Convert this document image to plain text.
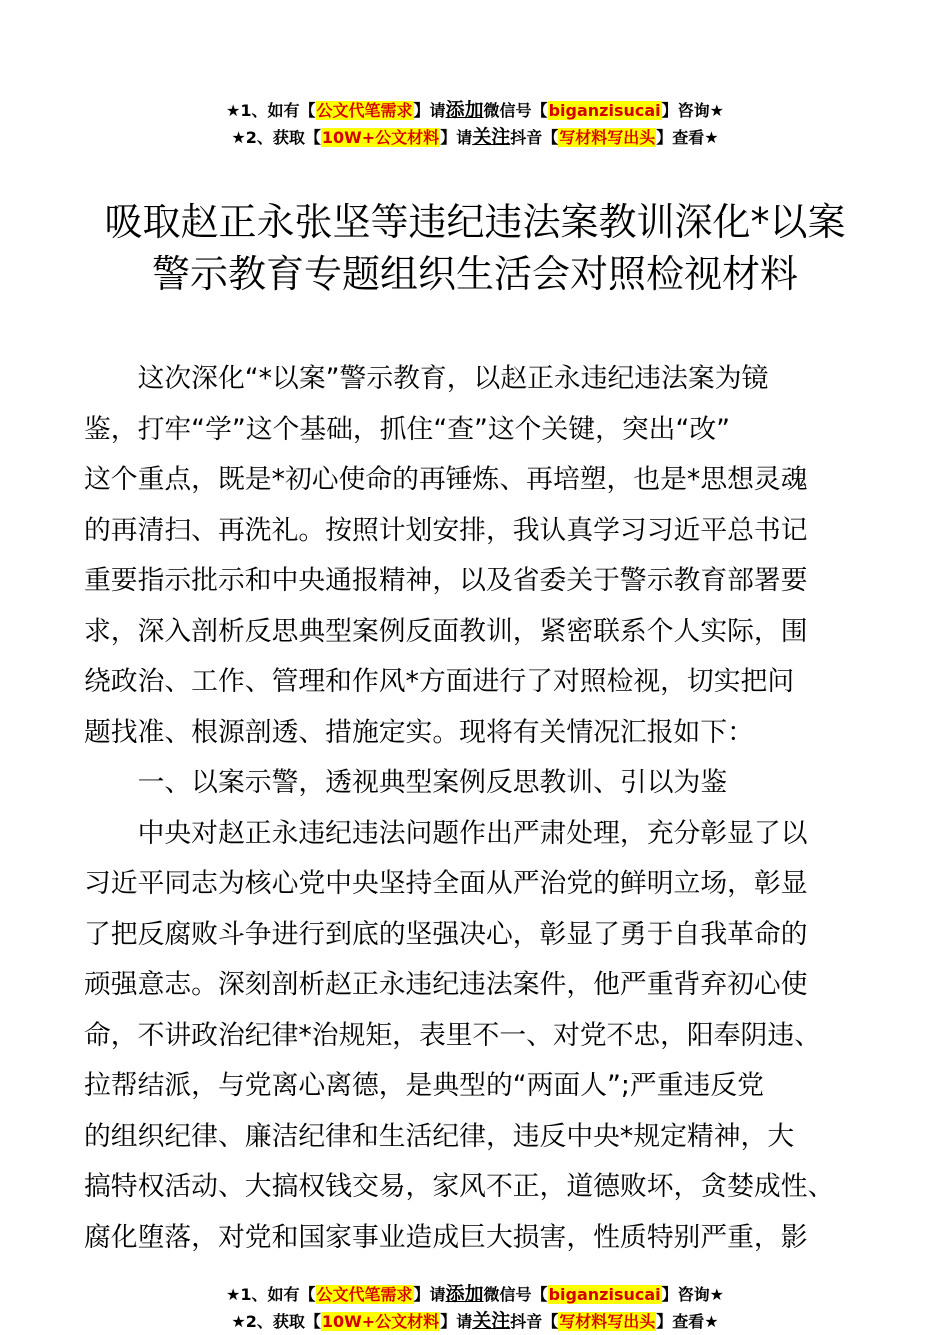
★1、如有【公文代笔需求】请添加微信号【biganzisucai】咨询★
★2、获取【10W+公文材料】请关注抖音【写材料写出头】查看★
吸取赵正永张坚等违纪违法案教训深化*以案
警示教育专题组织生活会对照检视材料
　　这次深化“*以案”警示教育，以赵正永违纪违法案为镜
鉴，打牢“学”这个基础，抓住“查”这个关键，突出“改”
这个重点，既是*初心使命的再锤炼、再培塑，也是*思想灵魂
的再清扫、再洗礼。按照计划安排，我认真学习习近平总书记
重要指示批示和中央通报精神，以及省委关于警示教育部署要
求，深入剖析反思典型案例反面教训，紧密联系个人实际，围
绕政治、工作、管理和作风*方面进行了对照检视，切实把问
题找准、根源剖透、措施定实。现将有关情况汇报如下：
　　一、以案示警，透视典型案例反思教训、引以为鉴
　　中央对赵正永违纪违法问题作出严肃处理，充分彰显了以
习近平同志为核心党中央坚持全面从严治党的鲜明立场，彰显
了把反腐败斗争进行到底的坚强决心，彰显了勇于自我革命的
顽强意志。深刻剖析赵正永违纪违法案件，他严重背弃初心使
命，不讲政治纪律*治规矩，表里不一、对党不忠，阳奉阴违、
拉帮结派，与党离心离德，是典型的“两面人”;严重违反党
的组织纪律、廉洁纪律和生活纪律，违反中央*规定精神，大
搞特权活动、大搞权钱交易，家风不正，道德败坏，贪婪成性、
腐化堕落，对党和国家事业造成巨大损害，性质特别严重，影
★1、如有【公文代笔需求】请添加微信号【biganzisucai】咨询★
★2、获取【10W+公文材料】请关注抖音【写材料写出头】查看★
